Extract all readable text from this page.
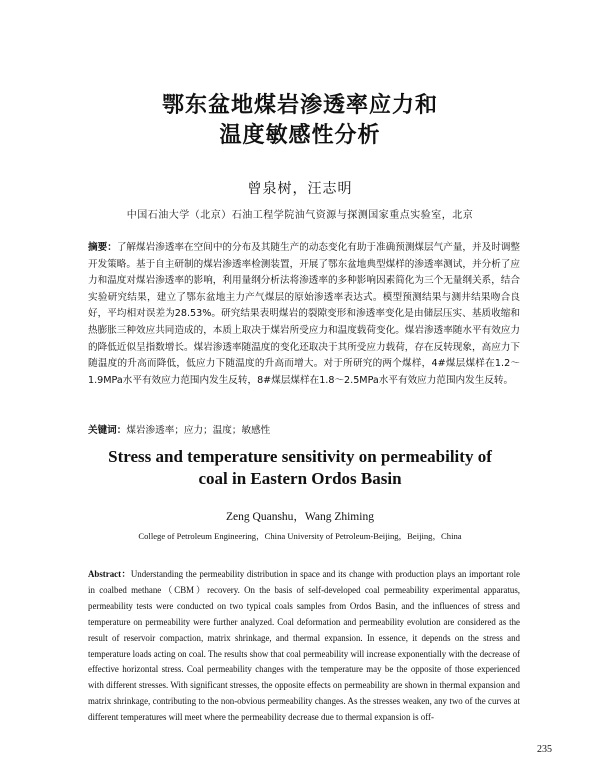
鄂东盆地煤岩渗透率应力和
温度敏感性分析
曾泉树，汪志明
中国石油大学（北京）石油工程学院油气资源与探测国家重点实验室，北京

摘要：了解煤岩渗透率在空间中的分布及其随生产的动态变化有助于准确预测煤层气产量，并及时调整开发策略。基于自主研制的煤岩渗透率检测装置，开展了鄂东盆地典型煤样的渗透率测试，并分析了应力和温度对煤岩渗透率的影响，利用量纲分析法将渗透率的多种影响因素简化为三个无量纲关系，结合实验研究结果，建立了鄂东盆地主力产气煤层的原始渗透率表达式。模型预测结果与测井结果吻合良好，平均相对误差为28.53%。研究结果表明煤岩的裂隙变形和渗透率变化是由储层压实、基质收缩和热膨胀三种效应共同造成的，本质上取决于煤岩所受应力和温度载荷变化。煤岩渗透率随水平有效应力的降低近似呈指数增长。煤岩渗透率随温度的变化还取决于其所受应力载荷，存在反转现象，高应力下随温度的升高而降低，低应力下随温度的升高而增大。对于所研究的两个煤样，4#煤层煤样在1.2～1.9MPa水平有效应力范围内发生反转，8#煤层煤样在1.8～2.5MPa水平有效应力范围内发生反转。

关键词：煤岩渗透率；应力；温度；敏感性

Stress and temperature sensitivity on permeability of
coal in Eastern Ordos Basin
Zeng Quanshu，Wang Zhiming
College of Petroleum Engineering，China University of Petroleum-Beijing，Beijing，China

Abstract：Understanding the permeability distribution in space and its change with production plays an important role in coalbed methane（CBM）recovery. On the basis of self-developed coal permeability experimental apparatus, permeability tests were conducted on two typical coals samples from Ordos Basin, and the influences of stress and temperature on permeability were further analyzed. Coal deformation and permeability evolution are considered as the result of reservoir compaction, matrix shrinkage, and thermal expansion. In essence, it depends on the stress and temperature loads acting on coal. The results show that coal permeability will increase exponentially with the decrease of effective horizontal stress. Coal permeability changes with the temperature may be the opposite of those experienced with different stresses. With significant stresses, the opposite effects on permeability are shown in thermal expansion and matrix shrinkage, contributing to the non-obvious permeability changes. As the stresses weaken, any two of the curves at different temperatures will meet where the permeability decrease due to thermal expansion is off-

235
